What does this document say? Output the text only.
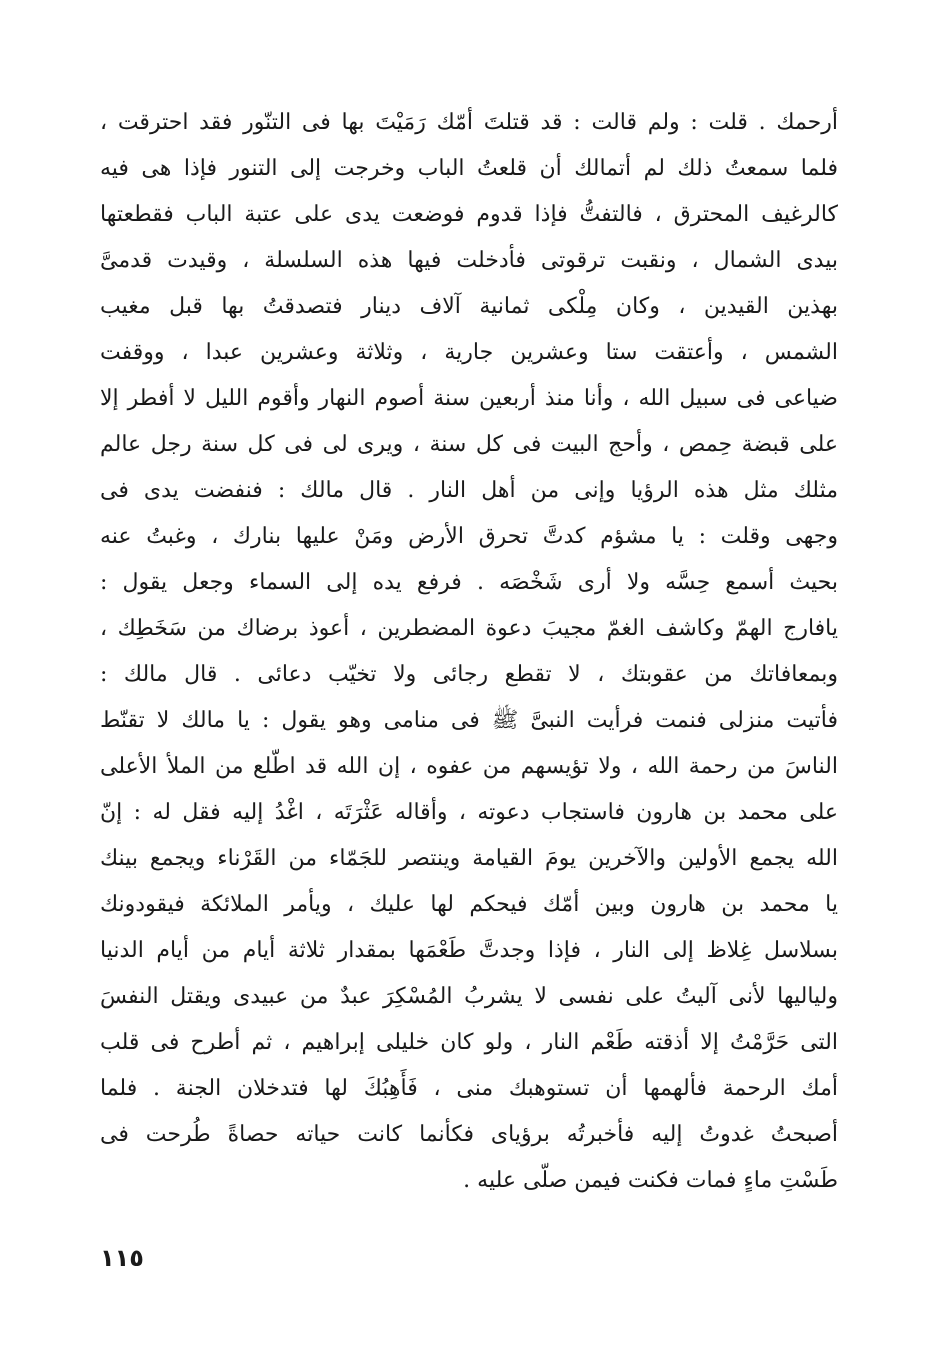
أرحمك . قلت : ولم قالت : قد قتلتَ أمّك رَمَيْتَ بها فى التنّور فقد احترقت ،
فلما سمعتُ ذلك لم أتمالك أن قلعتُ الباب وخرجت إلى التنور فإذا هى فيه
كالرغيف المحترق ، فالتفتُّ فإذا قدوم فوضعت يدى على عتبة الباب فقطعتها
بيدى الشمال ، ونقبت ترقوتى فأدخلت فيها هذه السلسلة ، وقيدت قدمىَّ
بهذين القيدين ، وكان مِلْكى ثمانية آلاف دينار فتصدقتُ بها قبل مغيب
الشمس ، وأعتقت ستا وعشرين جارية ، وثلاثة وعشرين عبدا ، ووقفت
ضياعى فى سبيل الله ، وأنا منذ أربعين سنة أصوم النهار وأقوم الليل لا أفطر إلا
على قبضة حِمص ، وأحج البيت فى كل سنة ، ويرى لى فى كل سنة رجل عالم
مثلك مثل هذه الرؤيا وإنى من أهل النار . قال مالك : فنفضت يدى فى
وجهى وقلت : يا مشؤم كدتَّ تحرق الأرض ومَنْ عليها بنارك ، وغبتُ عنه
بحيث أسمع حِسَّه ولا أرى شَخْصَه . فرفع يده إلى السماء وجعل يقول :
يافارج الهمّ وكاشف الغمّ مجيبَ دعوة المضطرين ، أعوذ برضاك من سَخَطِك ،
وبمعافاتك من عقوبتك ، لا تقطع رجائى ولا تخيّب دعائى . قال مالك :
فأتيت منزلى فنمت فرأيت النبىَّ ﷺ فى منامى وهو يقول : يا مالك لا تقنّط
الناسَ من رحمة الله ، ولا تؤيسهم من عفوه ، إن الله قد اطّلع من الملأ الأعلى
على محمد بن هارون فاستجاب دعوته ، وأقاله عَثْرَتَه ، اغْدُ إليه فقل له : إنّ
الله يجمع الأولين والآخرين يومَ القيامة وينتصر للجَمّاء من القَرْناء ويجمع بينك
يا محمد بن هارون وبين أمّك فيحكم لها عليك ، ويأمر الملائكة فيقودونك
بسلاسل غِلاظ إلى النار ، فإذا وجدتَّ طَعْمَها بمقدار ثلاثة أيام من أيام الدنيا
ولياليها لأنى آليتُ على نفسى لا يشربُ المُسْكِرَ عبدٌ من عبيدى ويقتل النفسَ
التى حَرَّمْتُ إلا أذقته طَعْم النار ، ولو كان خليلى إبراهيم ، ثم أطرح فى قلب
أمك الرحمة فألهمها أن تستوهبك منى ، فَأَهِبُكَ لها فتدخلان الجنة . فلما
أصبحتُ غدوتُ إليه فأخبرتُه برؤياى فكأنما كانت حياته حصاةً طُرحت فى
طَسْتِ ماءٍ فمات فكنت فيمن صلّى عليه .
١١٥
